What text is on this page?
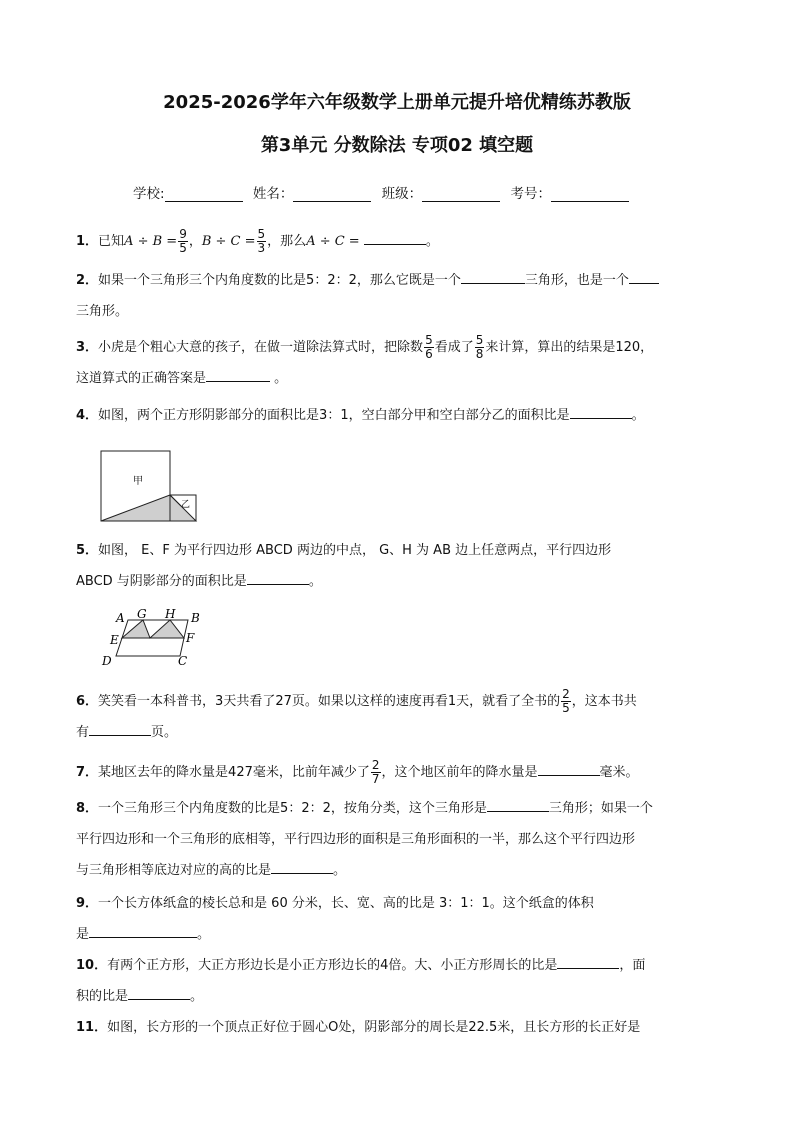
2025-2026学年六年级数学上册单元提升培优精练苏教版
第3单元 分数除法 专项02 填空题
学校:	姓名：	班级：	考号：
1．已知$A \div B = \frac{9}{5}$ ，$B \div C = \frac{5}{3}$ ，那么A ÷ C =	。
2．如果一个三角形三个内角度数的比是5：2：2，那么它既是一个	三角形，也是一个
三角形。
3．小虎是个粗心大意的孩子，在做一道除法算式时，把除数 $\frac{5}{6}$ 看成了 $\frac{5}{8}$ 来计算，算出的结果是120，
这道算式的正确答案是	。
4．如图，两个正方形阴影部分的面积比是3：1，空白部分甲和空白部分乙的面积比是	。
甲
乙
5．如图， E、F 为平行四边形 ABCD 两边的中点， G、H 为 AB 边上任意两点，平行四边形
ABCD 与阴影部分的面积比是	。
A G H B
E	F
D	C
6．笑笑看一本科普书，3天共看了27页。如果以这样的速度再看1天，就看了全书的 $\frac{2}{5}$ ，这本书共
有	页。
7．某地区去年的降水量是427毫米，比前年减少了 $\frac{2}{7}$ ，这个地区前年的降水量是	毫米。
8．一个三角形三个内角度数的比是5：2：2，按角分类，这个三角形是	三角形；如果一个
平行四边形和一个三角形的底相等，平行四边形的面积是三角形面积的一半，那么这个平行四边形
与三角形相等底边对应的高的比是	。
9．一个长方体纸盒的棱长总和是 60 分米，长、宽、高的比是 3：1：1。这个纸盒的体积
是	。
10．有两个正方形，大正方形边长是小正方形边长的4倍。大、小正方形周长的比是	，面
积的比是	。
11．如图，长方形的一个顶点正好位于圆心O处，阴影部分的周长是22.5米，且长方形的长正好是
